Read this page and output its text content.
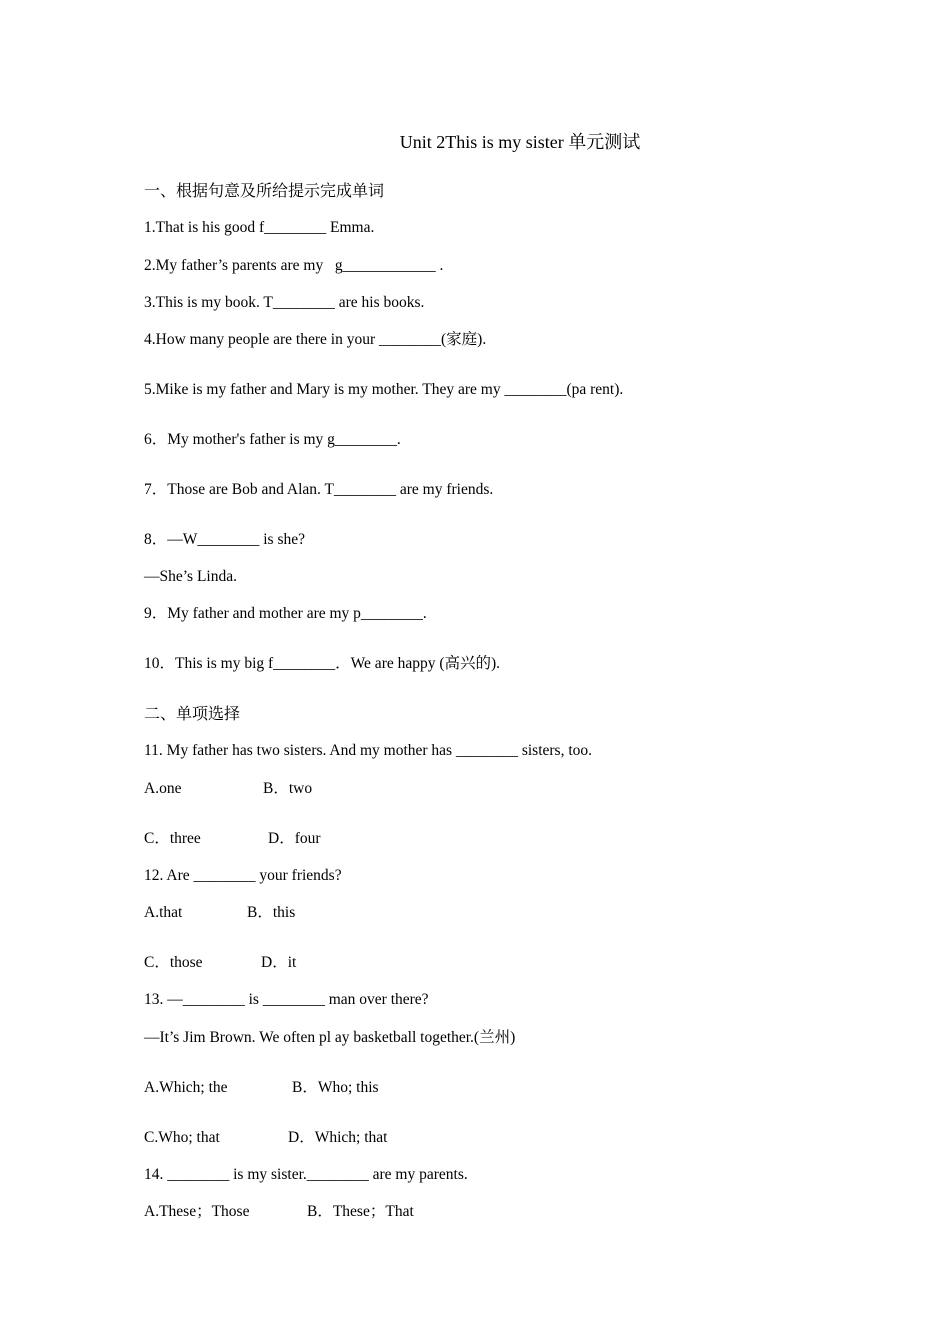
Unit 2This is my sister 单元测试
一、根据句意及所给提示完成单词
1.That is his good f________ Emma.
2.My father’s parents are my   g____________ .
3.This is my book. T________ are his books.
4.How many people are there in your ________(家庭).
5.Mike is my father and Mary is my mother. They are my ________(pa rent).
6．My mother's father is my g________.
7．Those are Bob and Alan. T________ are my friends.
8．—W________ is she?
—She’s Linda.
9．My father and mother are my p________.
10．This is my big f________．We are happy (高兴的).
二、单项选择
11. My father has two sisters. And my mother has ________ sisters, too.
A.one	B．two
C．three	D．four
12. Are ________ your friends?
A.that	B．this
C．those	D．it
13. —________ is ________ man over there?
—It’s Jim Brown. We often pl ay basketball together.(兰州)
A.Which; the	B．Who; this
C.Who; that	D．Which; that
14. ________ is my sister.________ are my parents.
A.These；Those	B．These；That
